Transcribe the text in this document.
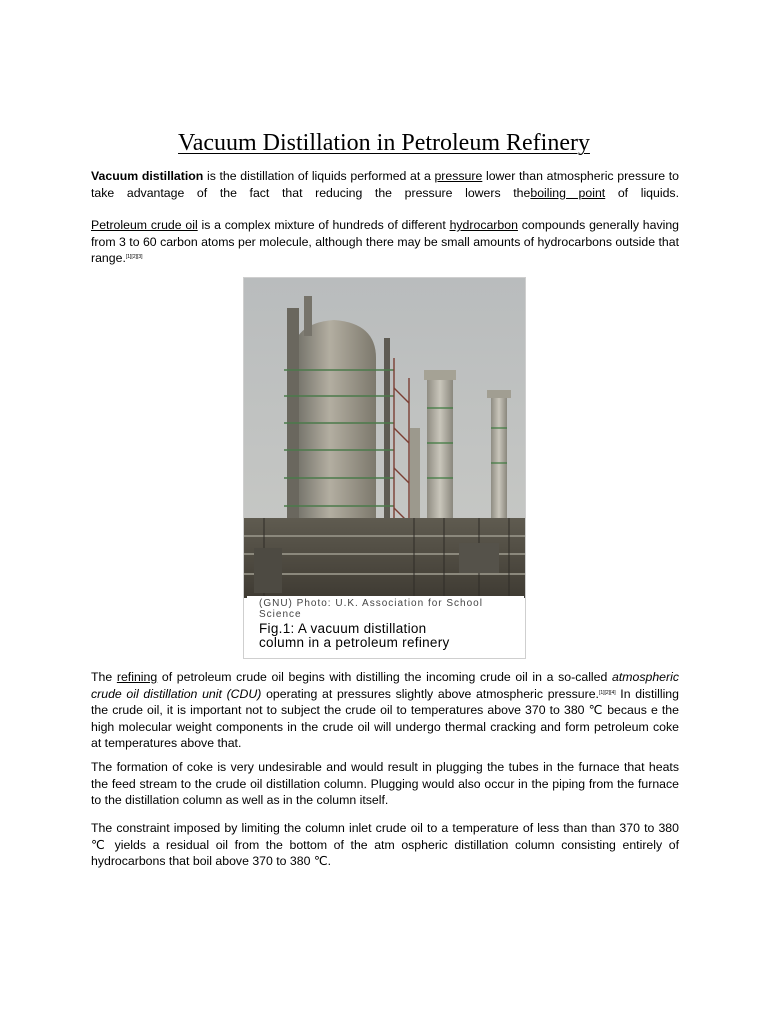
Vacuum Distillation in Petroleum Refinery

Vacuum distillation is the distillation of liquids performed at a pressure lower than atmospheric pressure to take advantage of the fact that reducing the pressure lowers theboiling point of liquids.

Petroleum crude oil is a complex mixture of hundreds of different hydrocarbon compounds generally having from 3 to 60 carbon atoms per molecule, although there may be small amounts of hydrocarbons outside that range.[1][2][3]

(GNU) Photo: U.K. Association for School Science
Fig.1: A vacuum distillation
column in a petroleum refinery

The refining of petroleum crude oil begins with distilling the incoming crude oil in a so-called atmospheric crude oil distillation unit (CDU) operating at pressures slightly above atmospheric pressure.[1][2][4] In distilling the crude oil, it is important not to subject the crude oil to temperatures above 370 to 380 ℃ becaus e the high molecular weight components in the crude oil will undergo thermal cracking and form petroleum coke at temperatures above that.

The formation of coke is very undesirable and would result in plugging the tubes in the furnace that heats the feed stream to the crude oil distillation column. Plugging would also occur in the piping from the furnace to the distillation column as well as in the column itself.

The constraint imposed by limiting the column inlet crude oil to a temperature of less than than 370 to 380 ℃ yields a residual oil from the bottom of the atm ospheric distillation column consisting entirely of hydrocarbons that boil above 370 to 380 ℃.
